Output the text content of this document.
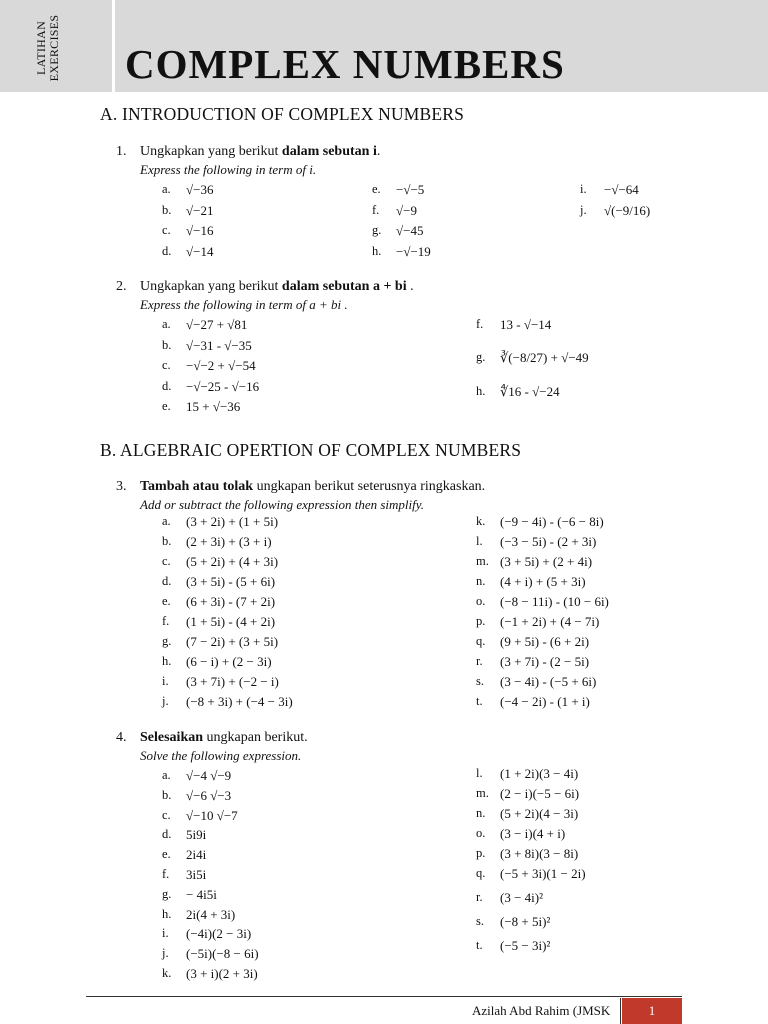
LATIHAN EXERCISES COMPLEX NUMBERS
A. INTRODUCTION OF COMPLEX NUMBERS
1. Ungkapkan yang berikut dalam sebutan i.
Express the following in term of i.
a. √−36
b. √−21
c. √−16
d. √−14
e. −√−5
f. √−9
g. √−45
h. −√−19
i. −√−64
j. √(−9/16)
2. Ungkapkan yang berikut dalam sebutan a + bi .
Express the following in term of a + bi .
a. √−27 + √81
b. √−31 - √−35
c. −√−2 + √−54
d. −√−25 - √−16
e. 15 + √−36
f. 13 - √−14
g. ∛(−8/27) + √−49
h. ∜16 - √−24
B. ALGEBRAIC OPERTION OF COMPLEX NUMBERS
3. Tambah atau tolak ungkapan berikut seterusnya ringkaskan.
Add or subtract the following expression then simplify.
a. (3 + 2i) + (1 + 5i)
b. (2 + 3i) + (3 + i)
c. (5 + 2i) + (4 + 3i)
d. (3 + 5i) - (5 + 6i)
e. (6 + 3i) - (7 + 2i)
f. (1 + 5i) - (4 + 2i)
g. (7 − 2i) + (3 + 5i)
h. (6 − i) + (2 − 3i)
i. (3 + 7i) + (−2 − i)
j. (−8 + 3i) + (−4 − 3i)
k. (−9 − 4i) - (−6 − 8i)
l. (−3 − 5i) - (2 + 3i)
m. (3 + 5i) + (2 + 4i)
n. (4 + i) + (5 + 3i)
o. (−8 − 11i) - (10 − 6i)
p. (−1 + 2i) + (4 − 7i)
q. (9 + 5i) - (6 + 2i)
r. (3 + 7i) - (2 − 5i)
s. (3 − 4i) - (−5 + 6i)
t. (−4 − 2i) - (1 + i)
4. Selesaikan ungkapan berikut.
Solve the following expression.
a. √−4 √−9
b. √−6 √−3
c. √−10 √−7
d. 5i9i
e. 2i4i
f. 3i5i
g. − 4i5i
h. 2i(4 + 3i)
i. (−4i)(2 − 3i)
j. (−5i)(−8 − 6i)
k. (3 + i)(2 + 3i)
l. (1 + 2i)(3 − 4i)
m. (2 − i)(−5 − 6i)
n. (5 + 2i)(4 − 3i)
o. (3 − i)(4 + i)
p. (3 + 8i)(3 − 8i)
q. (−5 + 3i)(1 − 2i)
r. (3 − 4i)²
s. (−8 + 5i)²
t. (−5 − 3i)²
Azilah Abd Rahim (JMSK	1
